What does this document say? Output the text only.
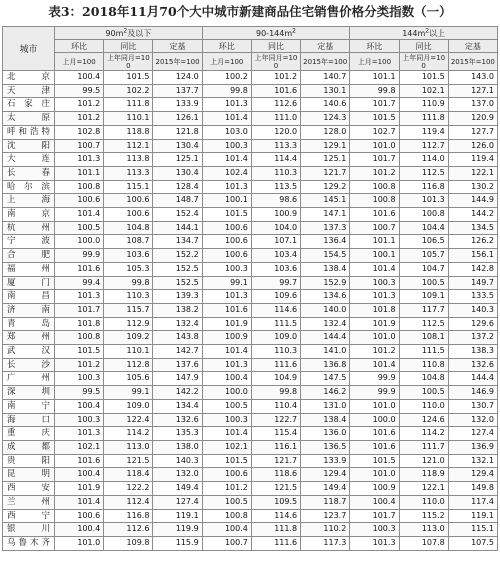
表3：2018年11月70个大中城市新建商品住宅销售价格分类指数（一）
城市	$90m^2$及以下			$90-144m^2$			$144m^2$以上		
	环比	同比	定基	环比	同比	定基	环比	同比	定基
	上月=100	上年同月=100	2015年=100	上月=100	上年同月=100	2015年=100	上月=100	上年同月=100	2015年=100
北京	100.4	101.5	124.0	100.2	101.2	140.7	101.1	101.5	143.0
天津	99.5	102.2	137.7	99.8	101.6	130.1	99.8	102.1	127.1
石家庄	101.2	111.8	133.9	101.3	112.6	140.6	101.7	110.9	137.0
太原	101.2	110.1	126.1	101.4	111.0	124.3	101.5	111.8	120.9
呼和浩特	102.8	118.8	121.8	103.0	120.0	128.0	102.7	119.4	127.7
沈阳	100.7	112.1	130.4	100.3	113.3	129.1	101.0	112.7	126.0
大连	101.3	113.8	125.1	101.4	114.4	125.1	101.7	114.0	119.4
长春	101.1	113.3	130.4	102.4	110.3	121.7	101.2	112.5	122.1
哈尔滨	100.8	115.1	128.4	101.3	113.5	129.2	100.8	116.8	130.2
上海	100.6	100.6	148.7	100.1	98.6	145.1	100.8	101.3	144.9
南京	101.4	100.6	152.4	101.5	100.9	147.1	101.6	100.8	144.2
杭州	100.5	104.8	144.1	100.6	104.0	137.3	100.7	104.4	134.5
宁波	100.0	108.7	134.7	100.6	107.1	136.4	101.1	106.5	126.2
合肥	99.9	103.6	152.2	100.6	103.4	154.5	100.1	105.7	156.1
福州	101.6	105.3	152.5	100.3	103.6	138.4	101.4	104.7	142.8
厦门	99.4	99.8	152.5	99.1	99.7	152.9	100.3	100.5	149.7
南昌	101.3	110.3	139.3	101.3	109.6	134.6	101.3	109.1	133.5
济南	101.7	115.7	138.2	101.6	114.6	140.0	101.8	117.7	140.3
青岛	101.8	112.9	132.4	101.9	111.5	132.4	101.9	112.5	129.6
郑州	100.8	109.2	143.8	100.9	109.0	144.4	101.0	108.1	137.2
武汉	101.5	110.1	142.7	101.4	110.3	141.0	101.2	111.5	138.3
长沙	101.2	112.8	137.6	101.3	111.6	136.8	101.4	110.8	132.6
广州	100.3	105.6	147.9	100.4	104.9	147.5	99.9	104.8	144.4
深圳	99.5	99.1	142.2	100.0	99.8	146.2	99.9	100.5	146.9
南宁	100.4	109.0	134.4	100.5	110.4	131.0	101.0	110.0	130.7
海口	100.3	122.4	132.6	100.3	122.7	138.4	100.0	124.6	132.0
重庆	101.3	114.2	135.3	101.4	115.4	136.0	101.6	114.2	127.4
成都	102.1	113.0	138.0	102.1	116.1	136.5	101.6	111.7	136.9
贵阳	101.6	121.5	140.3	101.5	121.7	133.9	101.5	121.0	132.1
昆明	100.4	118.4	132.0	100.6	118.6	129.4	101.0	118.9	129.4
西安	101.9	122.2	149.4	101.2	121.5	149.4	100.9	122.1	149.8
兰州	101.4	112.4	127.4	100.5	109.5	118.7	100.4	110.0	117.4
西宁	100.6	116.8	119.1	100.8	114.6	123.7	101.7	115.2	119.1
银川	100.4	112.6	119.9	100.4	111.8	110.2	100.3	113.0	115.1
乌鲁木齐	101.0	109.8	115.9	100.7	111.6	117.3	101.3	107.8	107.5
